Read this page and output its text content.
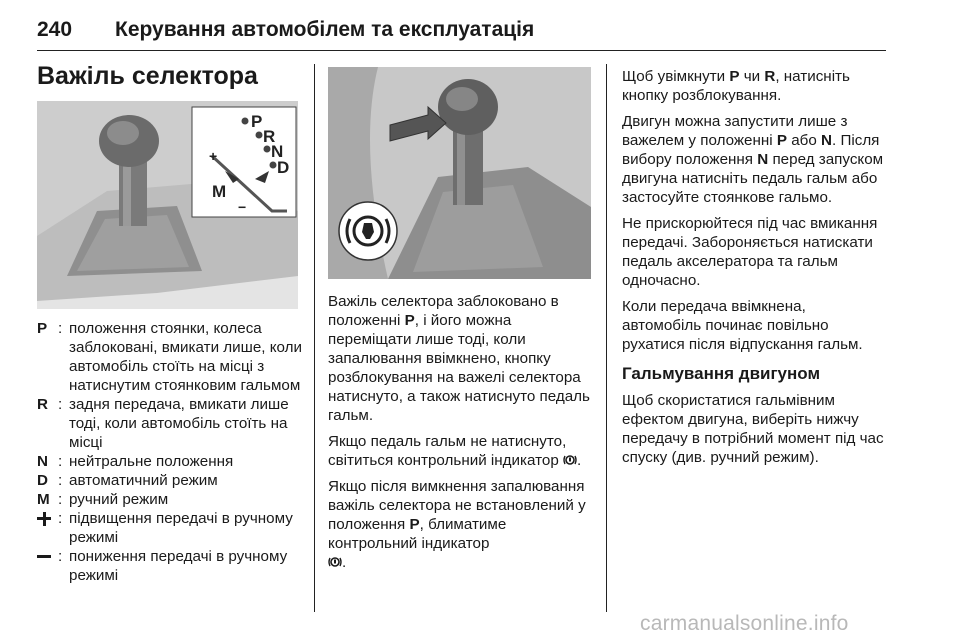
240 Керування автомобілем та експлуатація
Важіль селектора
P
R
N
D
M
+
−
P : положення стоянки, колеса заблоковані, вмикати лише, коли автомобіль стоїть на місці з натиснутим стоянковим гальмом
R : задня передача, вмикати лише тоді, коли автомобіль стоїть на місці
N : нейтральне положення
D : автоматичний режим
M : ручний режим
: підвищення передачі в ручному режимі
: пониження передачі в ручному режимі

Важіль селектора заблоковано в положенні P, і його можна переміщати лише тоді, коли запалювання ввімкнено, кнопку розблокування на важелі селектора натиснуто, а також натиснуто педаль гальм.

Якщо педаль гальм не натиснуто, світиться контрольний індикатор .

Якщо після вимкнення запалювання важіль селектора не встановлений у положення P, блиматиме контрольний індикатор
.

Щоб увімкнути P чи R, натисніть кнопку розблокування.

Двигун можна запустити лише з важелем у положенні P або N. Після вибору положення N перед запуском двигуна натисніть педаль гальм або застосуйте стоянкове гальмо.

Не прискорюйтеся під час вмикання передачі. Забороняється натискати педаль акселератора та гальм одночасно.

Коли передача ввімкнена, автомобіль починає повільно рухатися після відпускання гальм.

Гальмування двигуном

Щоб скористатися гальмівним ефектом двигуна, виберіть нижчу передачу в потрібний момент під час спуску (див. ручний режим).

carmanualsonline.info
